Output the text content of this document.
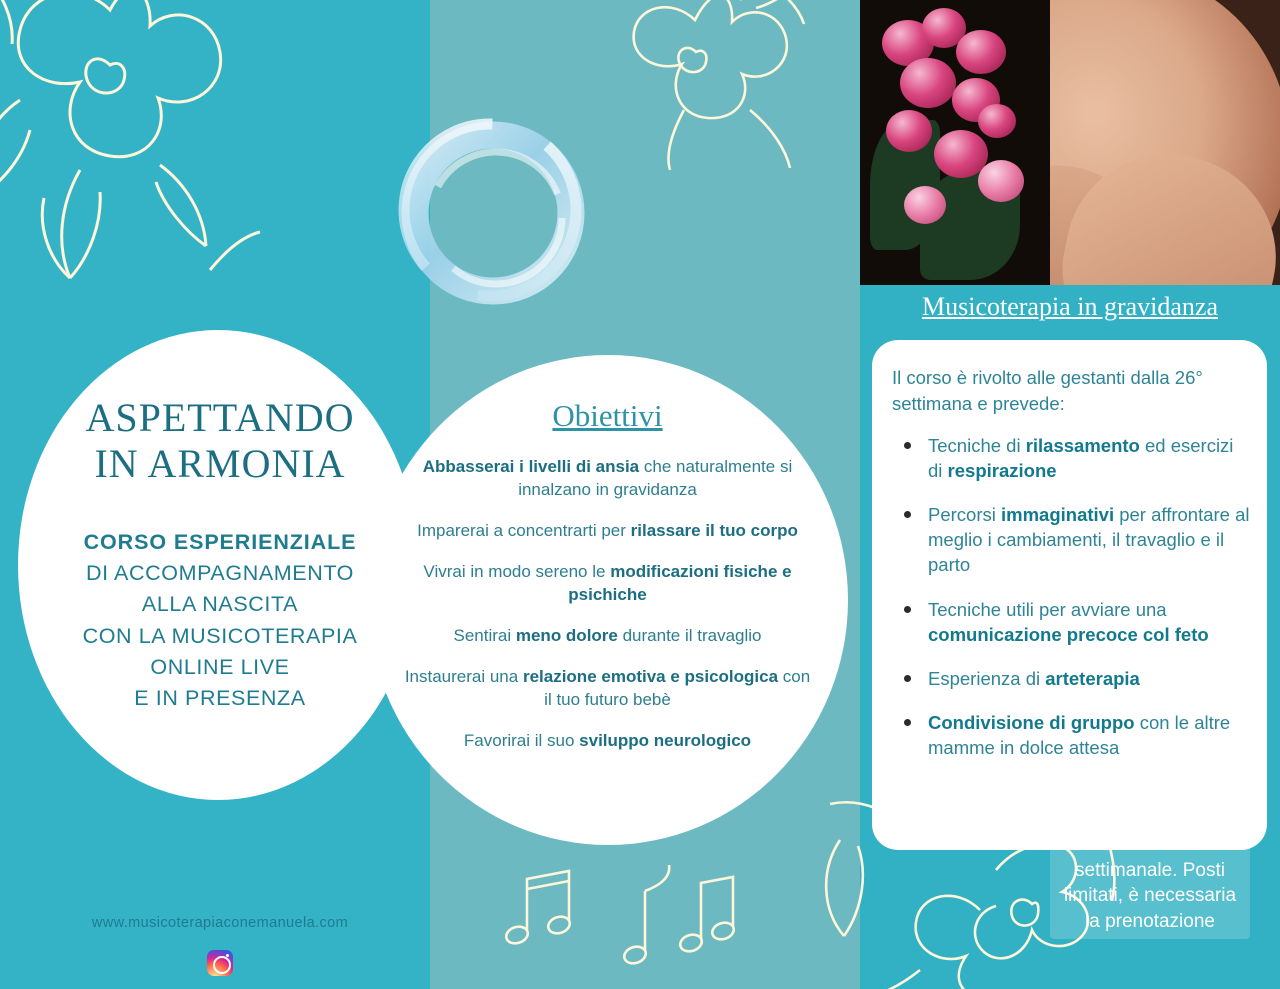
ASPETTANDO
IN ARMONIA
CORSO ESPERIENZIALE
DI ACCOMPAGNAMENTO
ALLA NASCITA
CON LA MUSICOTERAPIA
ONLINE LIVE
E IN PRESENZA
www.musicoterapiaconemanuela.com
Obiettivi
Abbasserai i livelli di ansia che naturalmente si innalzano in gravidanza
Imparerai a concentrarti per rilassare il tuo corpo
Vivrai in modo sereno le modificazioni fisiche e psichiche
Sentirai meno dolore durante il travaglio
Instaurerai una relazione emotiva e psicologica con il tuo futuro bebè
Favorirai il suo sviluppo neurologico
Musicoterapia in gravidanza
Il corso è rivolto alle gestanti dalla 26° settimana e prevede:
Tecniche di rilassamento ed esercizi di respirazione
Percorsi immaginativi per affrontare al meglio i cambiamenti, il travaglio e il parto
Tecniche utili per avviare una comunicazione precoce col feto
Esperienza di arteterapia
Condivisione di gruppo con le altre mamme in dolce attesa
Incontri a cadenza settimanale. Posti limitati, è necessaria la prenotazione
